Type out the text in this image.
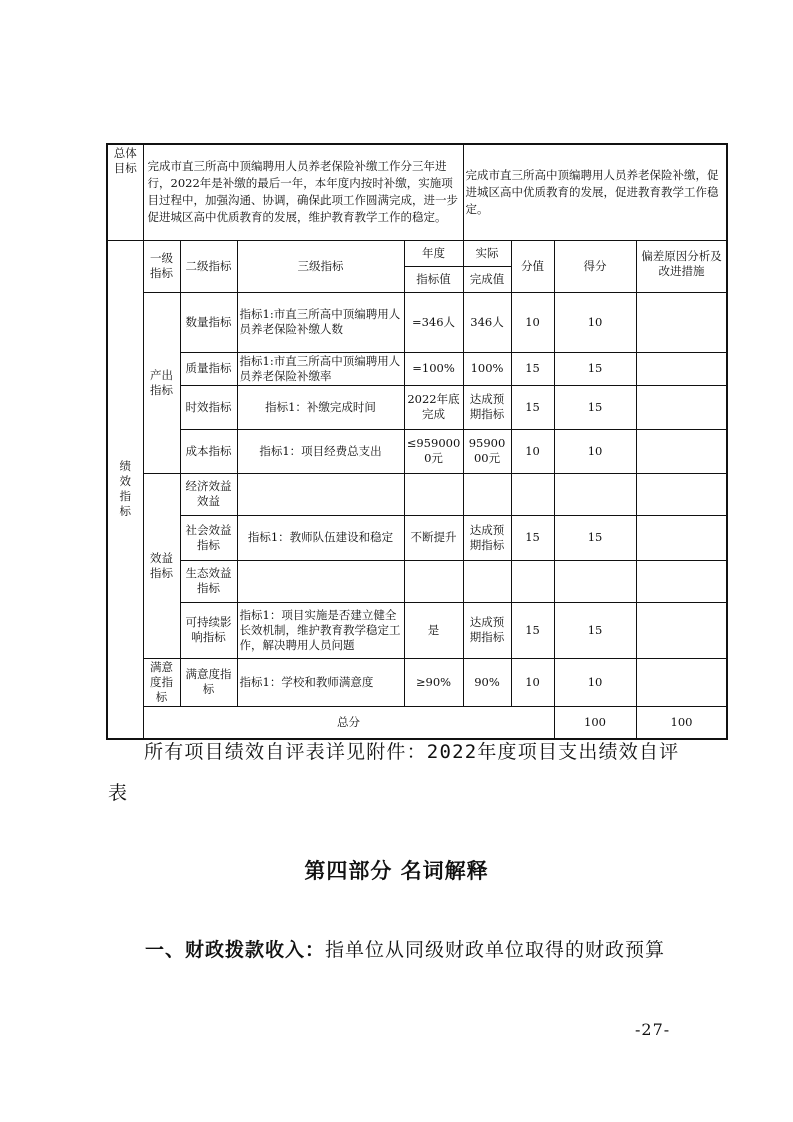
总体目标	完成市直三所高中顶编聘用人员养老保险补缴工作分三年进行，2022年是补缴的最后一年，本年度内按时补缴，实施项目过程中，加强沟通、协调，确保此项工作圆满完成，进一步促进城区高中优质教育的发展，维护教育教学工作的稳定。				完成市直三所高中顶编聘用人员养老保险补缴，促进城区高中优质教育的发展，促进教育教学工作稳定。				
绩效指标	一级指标	二级指标	三级指标	年度	实际	分值	得分	偏差原因分析及改进措施	
				指标值	完成值				
	产出指标	数量指标	指标1:市直三所高中顶编聘用人员养老保险补缴人数	=346人	346人	10	10		
		质量指标	指标1:市直三所高中顶编聘用人员养老保险补缴率	=100%	100%	15	15		
		时效指标	指标1：补缴完成时间	2022年底完成	达成预期指标	15	15		
		成本指标	指标1：项目经费总支出	≤9590000元	9590000元	10	10		
	效益指标	经济效益效益							
		社会效益指标	指标1：教师队伍建设和稳定	不断提升	达成预期指标	15	15		
		生态效益指标							
		可持续影响指标	指标1：项目实施是否建立健全长效机制，维护教育教学稳定工作，解决聘用人员问题	是	达成预期指标	15	15		
	满意度指标	满意度指标	指标1：学校和教师满意度	≥90%	90%	10	10		
	总分						100	100	
所有项目绩效自评表详见附件：2022年度项目支出绩效自评
表
第四部分 名词解释
一、财政拨款收入：指单位从同级财政单位取得的财政预算
-27-
